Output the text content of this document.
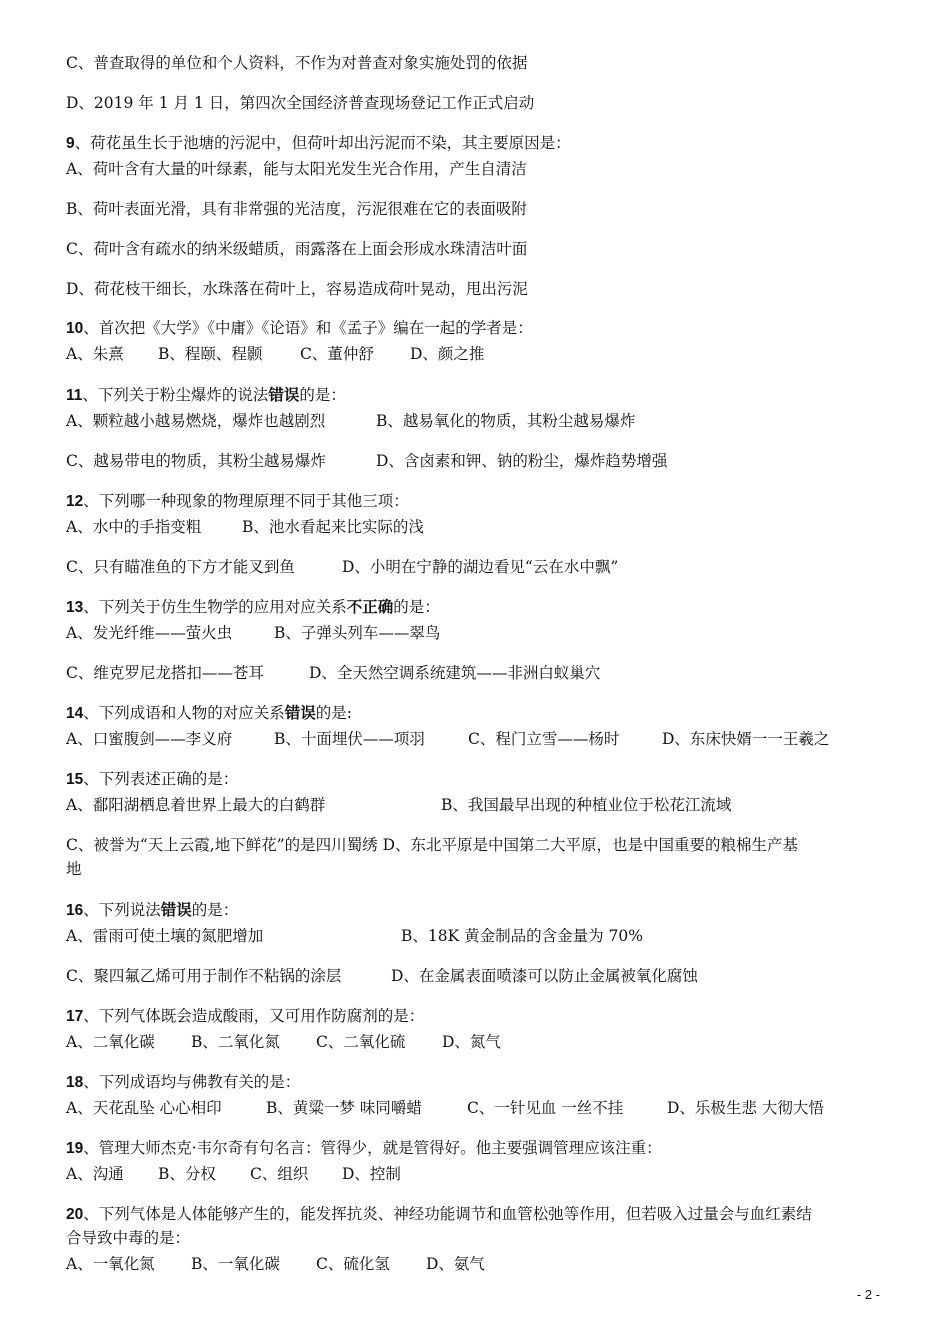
C、普查取得的单位和个人资料，不作为对普查对象实施处罚的依据
D、2019 年 1 月 1 日，第四次全国经济普查现场登记工作正式启动
9、荷花虽生长于池塘的污泥中，但荷叶却出污泥而不染，其主要原因是：
A、荷叶含有大量的叶绿素，能与太阳光发生光合作用，产生自清洁
B、荷叶表面光滑，具有非常强的光洁度，污泥很难在它的表面吸附
C、荷叶含有疏水的纳米级蜡质，雨露落在上面会形成水珠清洁叶面
D、荷花枝干细长，水珠落在荷叶上，容易造成荷叶晃动，甩出污泥
10、首次把《大学》《中庸》《论语》和《孟子》编在一起的学者是：
A、朱熹 B、程颐、程颢 C、董仲舒 D、颜之推
11、下列关于粉尘爆炸的说法错误的是：
A、颗粒越小越易燃烧，爆炸也越剧烈	B、越易氧化的物质，其粉尘越易爆炸
C、越易带电的物质，其粉尘越易爆炸	D、含卤素和钾、钠的粉尘，爆炸趋势增强
12、下列哪一种现象的物理原理不同于其他三项：
A、水中的手指变粗	B、池水看起来比实际的浅
C、只有瞄准鱼的下方才能叉到鱼	D、小明在宁静的湖边看见“云在水中飘”
13、下列关于仿生生物学的应用对应关系不正确的是：
A、发光纤维——萤火虫	B、子弹头列车——翠鸟
C、维克罗尼龙搭扣——苍耳	D、全天然空调系统建筑——非洲白蚁巢穴
14、下列成语和人物的对应关系错误的是:
A、口蜜腹剑——李义府	B、十面埋伏——项羽	C、程门立雪——杨时	D、东床快婿一一王羲之
15、下列表述正确的是：
A、鄱阳湖栖息着世界上最大的白鹤群	B、我国最早出现的种植业位于松花江流域
C、被誉为“天上云霞,地下鲜花”的是四川蜀绣 D、东北平原是中国第二大平原，也是中国重要的粮棉生产基
地
16、下列说法错误的是：
A、雷雨可使土壤的氮肥增加	B、18K 黄金制品的含金量为 70%
C、聚四氟乙烯可用于制作不粘锅的涂层	D、在金属表面喷漆可以防止金属被氧化腐蚀
17、下列气体既会造成酸雨，又可用作防腐剂的是：
A、二氧化碳 B、二氧化氮 C、二氧化硫 D、氮气
18、下列成语均与佛教有关的是：
A、天花乱坠 心心相印	B、黄粱一梦 味同嚼蜡	C、一针见血 一丝不挂	D、乐极生悲 大彻大悟
19、管理大师杰克·韦尔奇有句名言：管得少，就是管得好。他主要强调管理应该注重：
A、沟通 B、分权 C、组织 D、控制
20、下列气体是人体能够产生的，能发挥抗炎、神经功能调节和血管松弛等作用，但若吸入过量会与血红素结
合导致中毒的是：
A、一氧化氮 B、一氧化碳 C、硫化氢 D、氨气
- 2 -
